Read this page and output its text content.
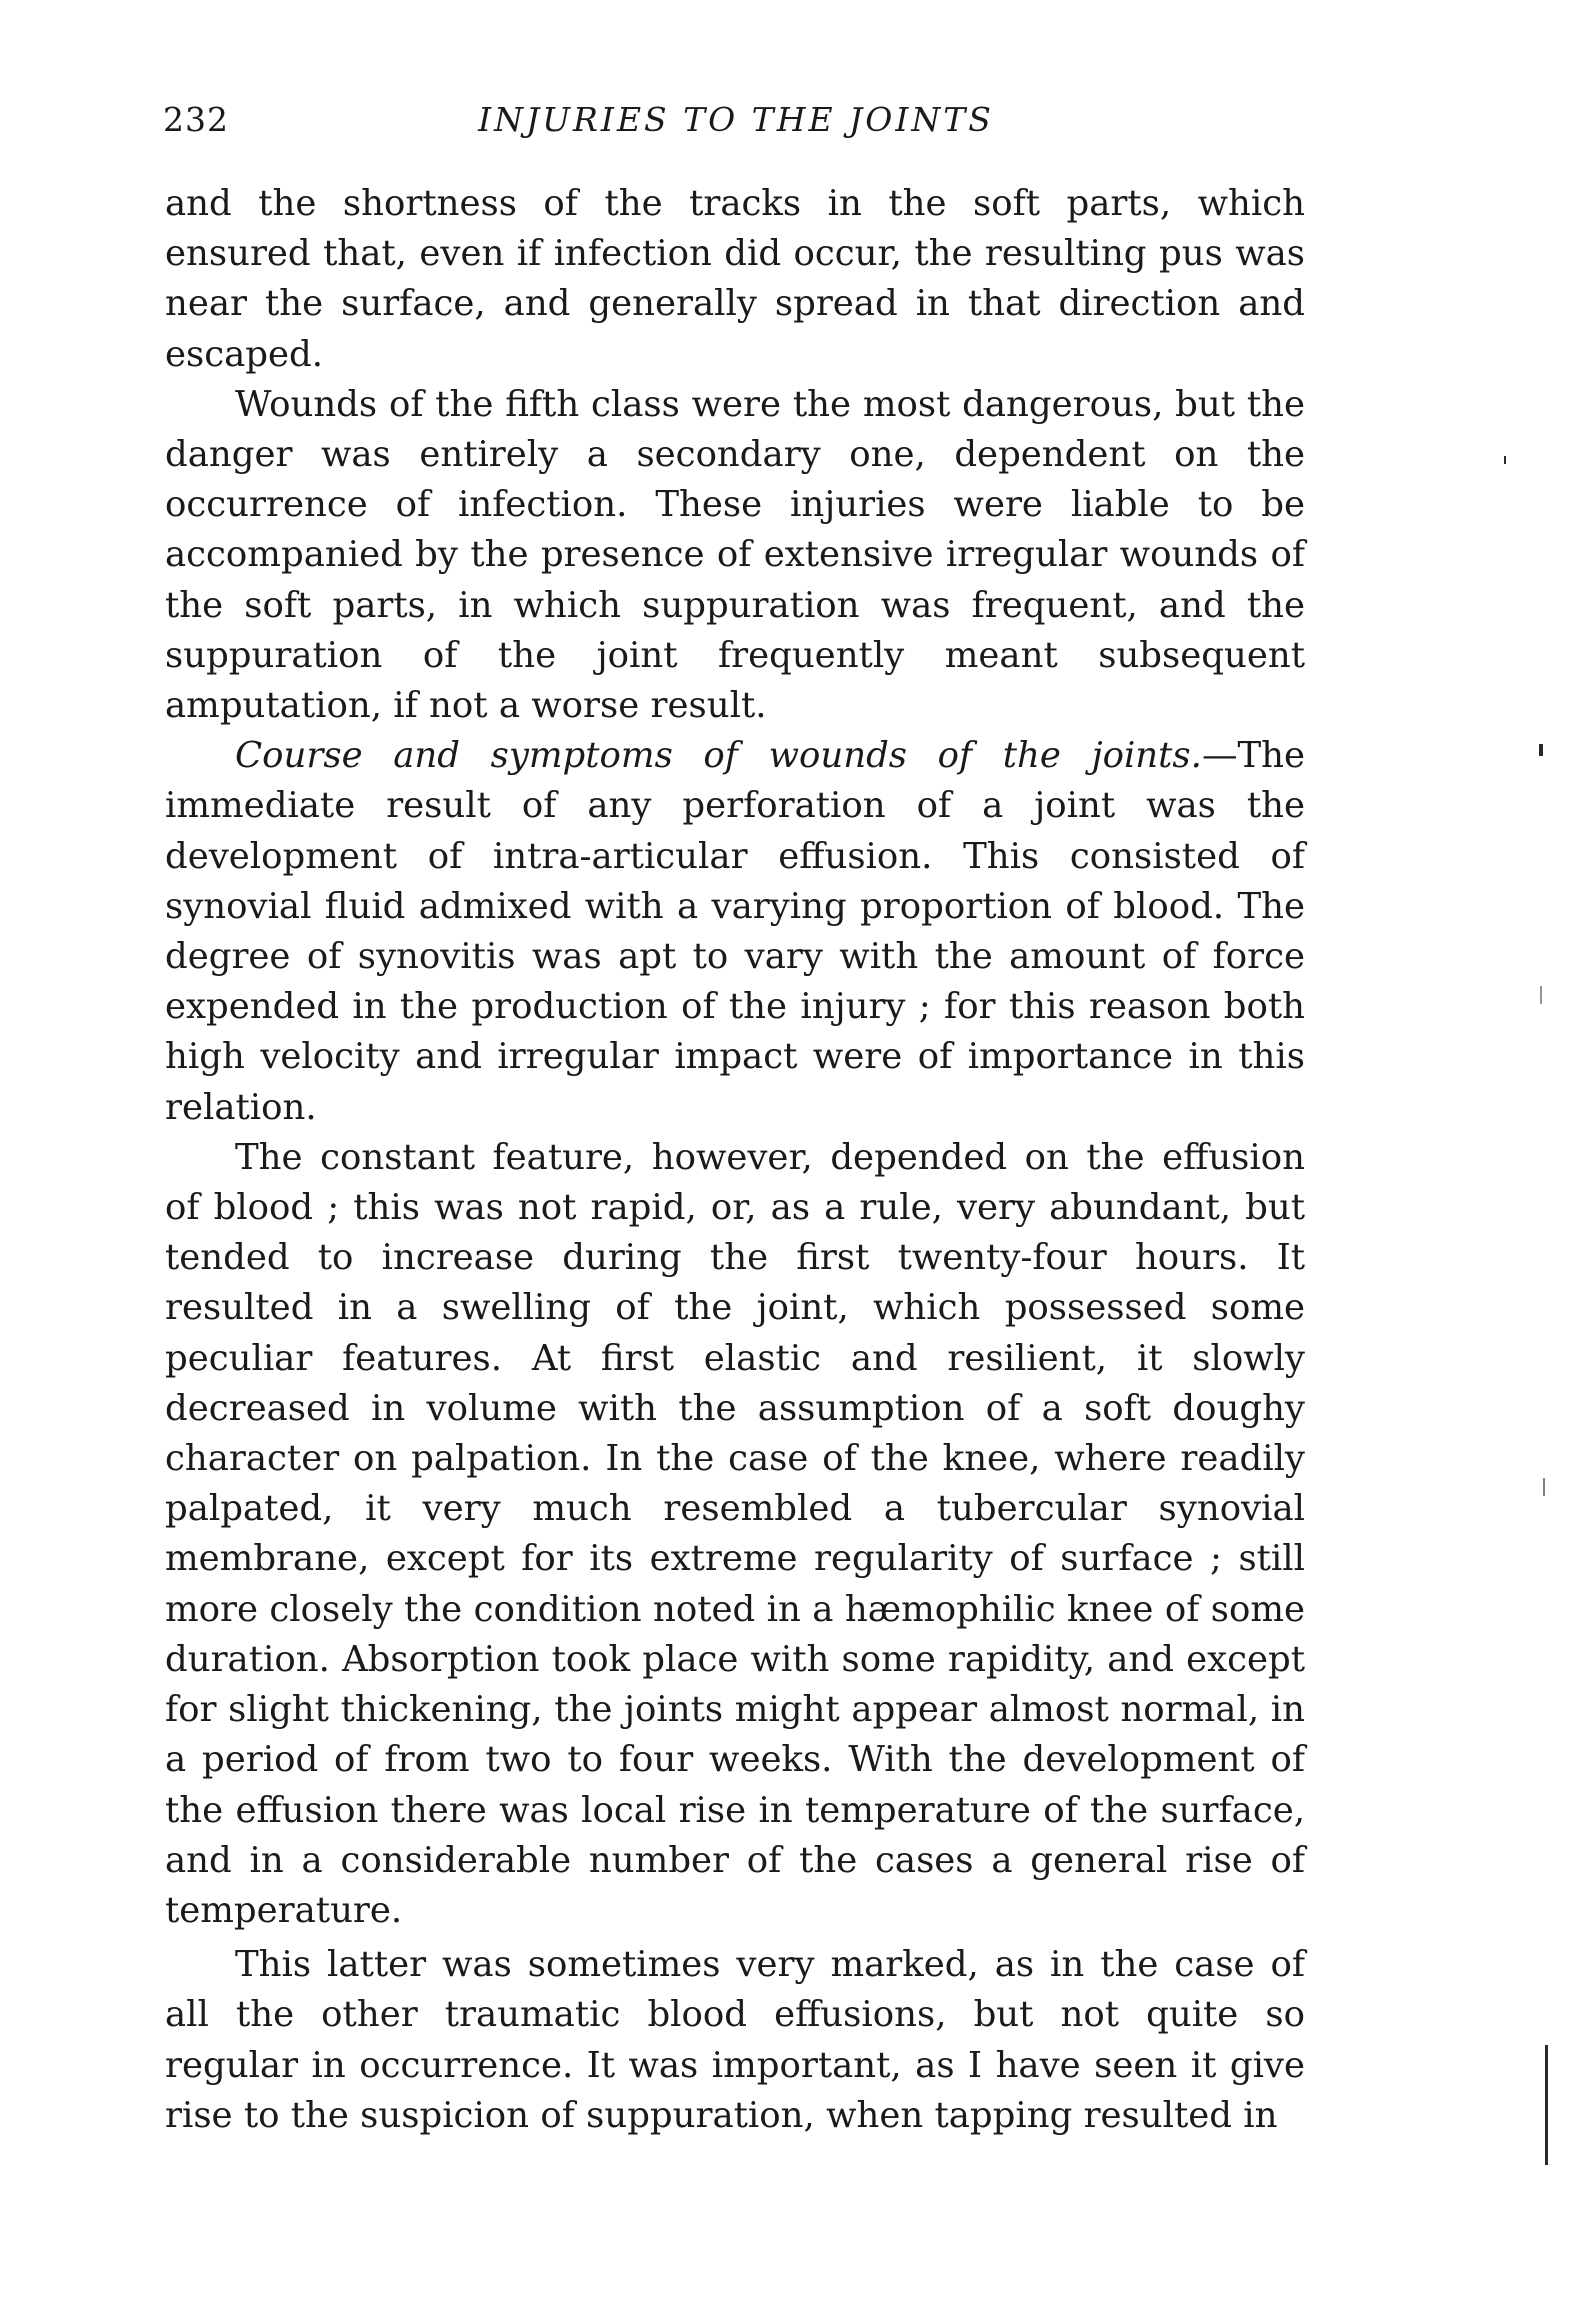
232	INJURIES TO THE JOINTS

and the shortness of the tracks in the soft parts, which ensured that, even if infection did occur, the resulting pus was near the surface, and generally spread in that direction and escaped.

Wounds of the fifth class were the most dangerous, but the danger was entirely a secondary one, dependent on the occurrence of infection. These injuries were liable to be accompanied by the presence of extensive irregular wounds of the soft parts, in which suppuration was frequent, and the suppuration of the joint frequently meant subsequent amputation, if not a worse result.

Course and symptoms of wounds of the joints.—The immediate result of any perforation of a joint was the development of intra-articular effusion. This consisted of synovial fluid admixed with a varying proportion of blood. The degree of synovitis was apt to vary with the amount of force expended in the production of the injury ; for this reason both high velocity and irregular impact were of importance in this relation.

The constant feature, however, depended on the effusion of blood ; this was not rapid, or, as a rule, very abundant, but tended to increase during the first twenty-four hours. It resulted in a swelling of the joint, which possessed some peculiar features. At first elastic and resilient, it slowly decreased in volume with the assumption of a soft doughy character on palpation. In the case of the knee, where readily palpated, it very much resembled a tubercular synovial membrane, except for its extreme regularity of surface ; still more closely the condition noted in a hæmophilic knee of some duration. Absorption took place with some rapidity, and except for slight thickening, the joints might appear almost normal, in a period of from two to four weeks. With the development of the effusion there was local rise in temperature of the surface, and in a considerable number of the cases a general rise of temperature.

This latter was sometimes very marked, as in the case of all the other traumatic blood effusions, but not quite so regular in occurrence. It was important, as I have seen it give rise to the suspicion of suppuration, when tapping resulted in
